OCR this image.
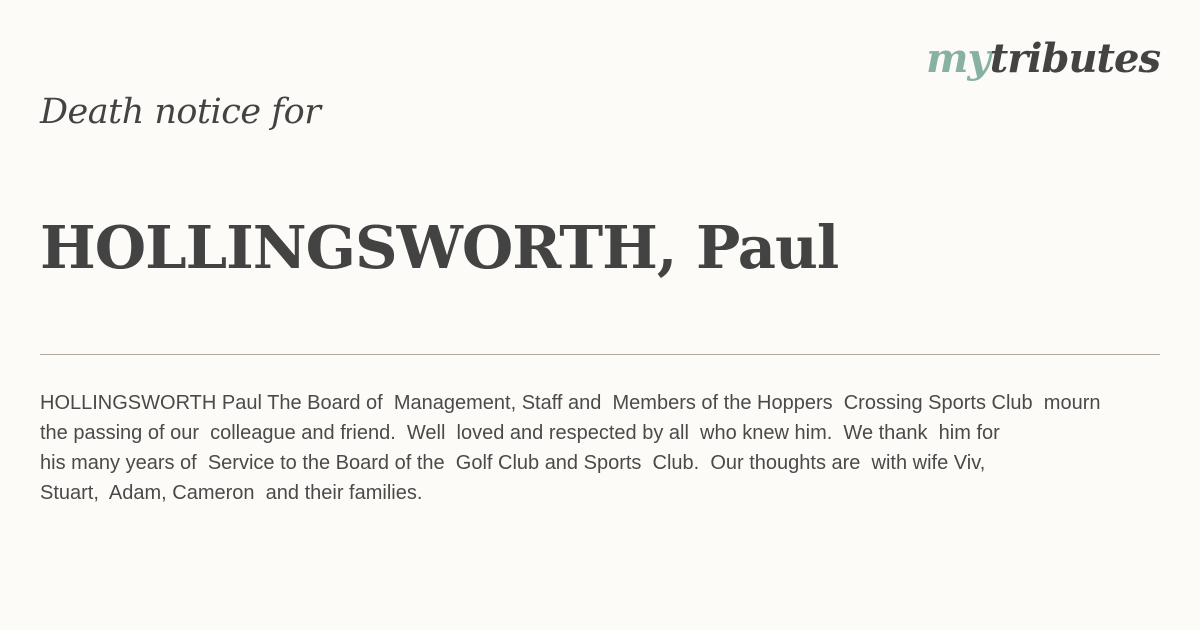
mytributes
Death notice for
HOLLINGSWORTH, Paul

HOLLINGSWORTH Paul The Board of  Management, Staff and  Members of the Hoppers  Crossing Sports Club  mourn
the passing of our  colleague and friend.  Well  loved and respected by all  who knew him.  We thank  him for
his many years of  Service to the Board of the  Golf Club and Sports  Club.  Our thoughts are  with wife Viv,
Stuart,  Adam, Cameron  and their families.
